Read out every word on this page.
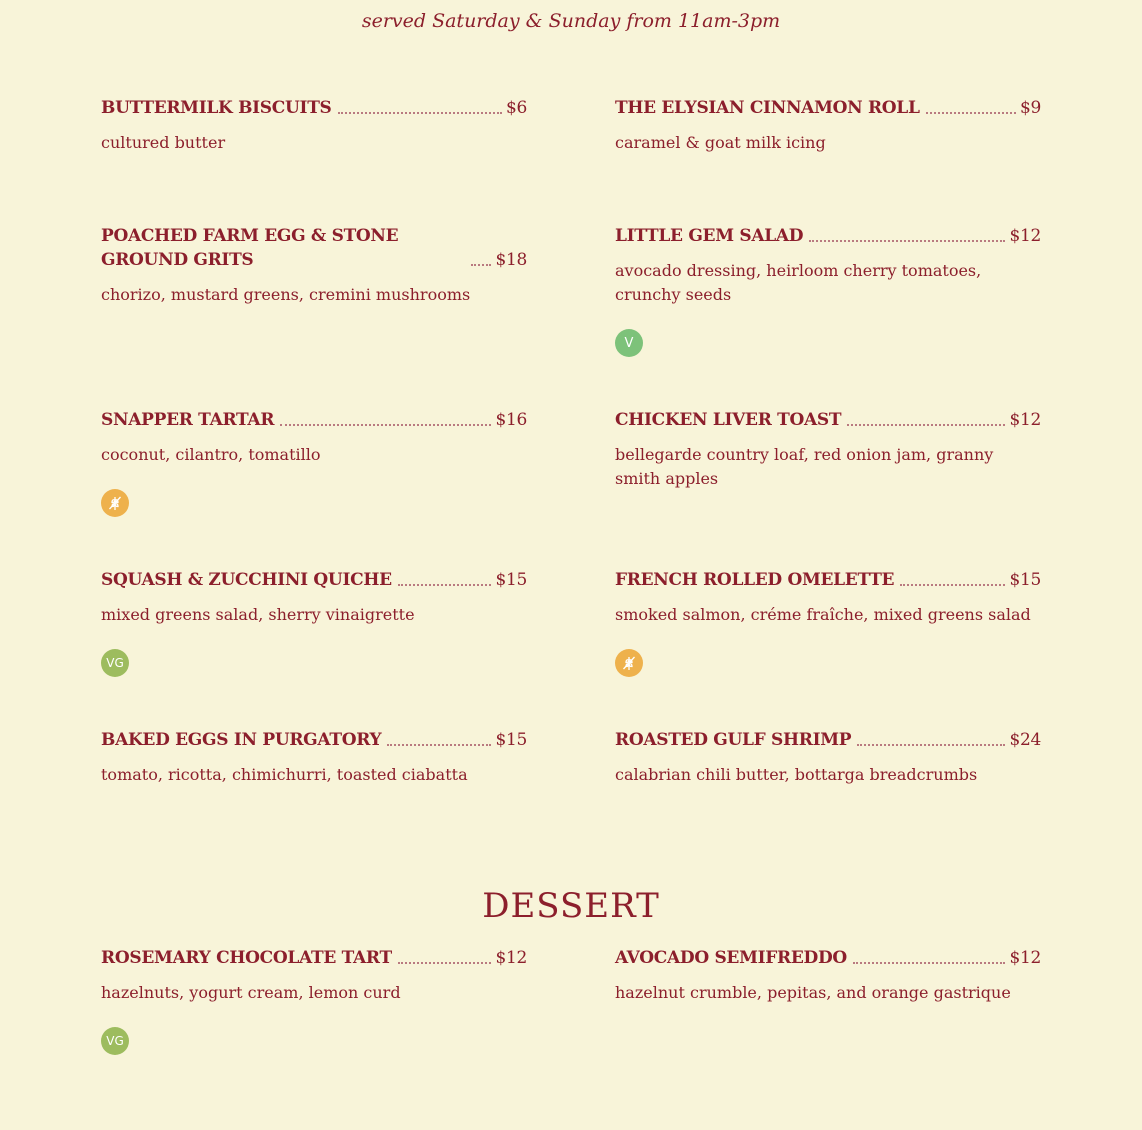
served Saturday & Sunday from 11am-3pm
BUTTERMILK BISCUITS	$6
cultured butter
THE ELYSIAN CINNAMON ROLL	$9
caramel & goat milk icing
POACHED FARM EGG & STONE GROUND GRITS	$18
chorizo, mustard greens, cremini mushrooms
LITTLE GEM SALAD	$12
avocado dressing, heirloom cherry tomatoes, crunchy seeds
V
SNAPPER TARTAR	$16
coconut, cilantro, tomatillo
CHICKEN LIVER TOAST	$12
bellegarde country loaf, red onion jam, granny smith apples
SQUASH & ZUCCHINI QUICHE	$15
mixed greens salad, sherry vinaigrette
VG
FRENCH ROLLED OMELETTE	$15
smoked salmon, créme fraîche, mixed greens salad
BAKED EGGS IN PURGATORY	$15
tomato, ricotta, chimichurri, toasted ciabatta
ROASTED GULF SHRIMP	$24
calabrian chili butter, bottarga breadcrumbs
DESSERT
ROSEMARY CHOCOLATE TART	$12
hazelnuts, yogurt cream, lemon curd
VG
AVOCADO SEMIFREDDO	$12
hazelnut crumble, pepitas, and orange gastrique
